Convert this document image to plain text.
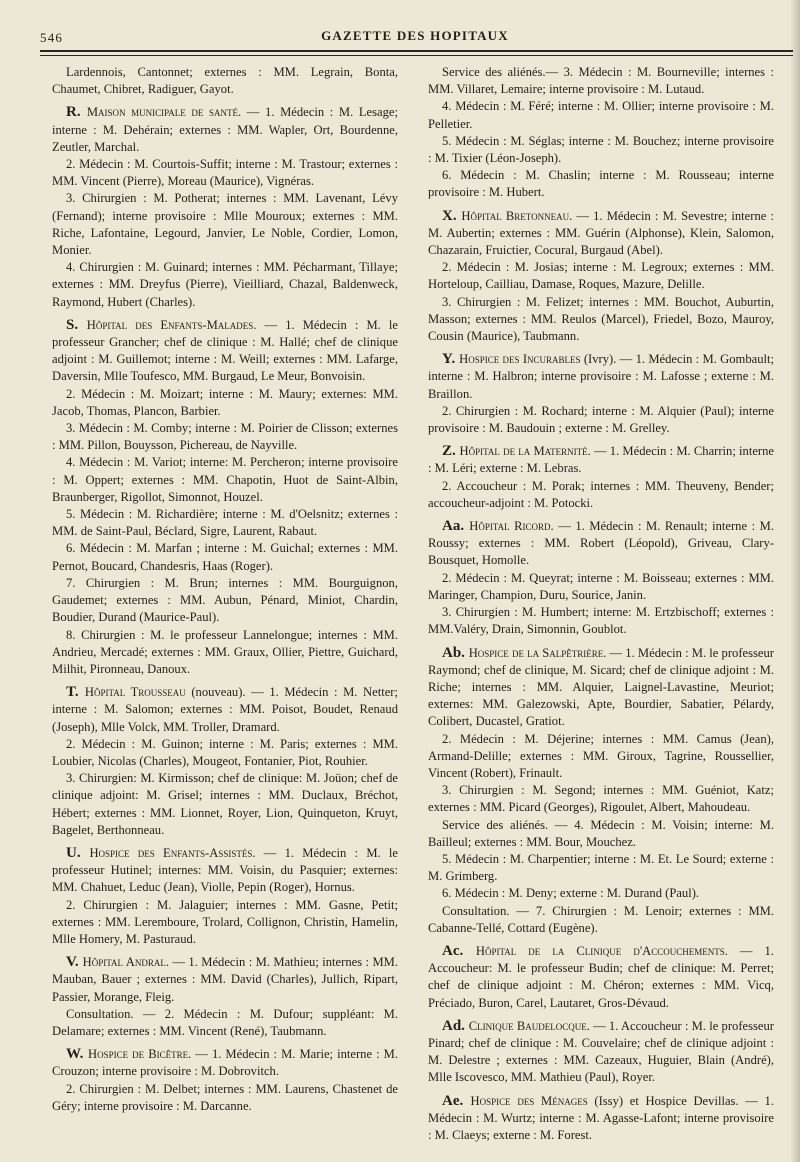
546	GAZETTE DES HOPITAUX

Lardennois, Cantonnet; externes : MM. Legrain, Bonta, Chaumet, Chibret, Radiguer, Gayot.

R. Maison municipale de santé. — 1. Médecin : M. Lesage; interne : M. Dehérain; externes : MM. Wapler, Ort, Bourdenne, Zeutler, Marchal.

2. Médecin : M. Courtois-Suffit; interne : M. Trastour; externes : MM. Vincent (Pierre), Moreau (Maurice), Vignéras.

3. Chirurgien : M. Potherat; internes : MM. Lavenant, Lévy (Fernand); interne provisoire : Mlle Mouroux; externes : MM. Riche, Lafontaine, Legourd, Janvier, Le Noble, Cordier, Lomon, Monier.

4. Chirurgien : M. Guinard; internes : MM. Pécharmant, Tillaye; externes : MM. Dreyfus (Pierre), Vieilliard, Chazal, Baldenweck, Raymond, Hubert (Charles).

S. Hôpital des Enfants-Malades. — 1. Médecin : M. le professeur Grancher; chef de clinique : M. Hallé; chef de clinique adjoint : M. Guillemot; interne : M. Weill; externes : MM. Lafarge, Daversin, Mlle Toufesco, MM. Burgaud, Le Meur, Bonvoisin.

2. Médecin : M. Moizart; interne : M. Maury; externes: MM. Jacob, Thomas, Plancon, Barbier.

3. Médecin : M. Comby; interne : M. Poirier de Clisson; externes : MM. Pillon, Bouysson, Pichereau, de Nayville.

4. Médecin : M. Variot; interne: M. Percheron; interne provisoire : M. Oppert; externes : MM. Chapotin, Huot de Saint-Albin, Braunberger, Rigollot, Simonnot, Houzel.

5. Médecin : M. Richardière; interne : M. d'Oelsnitz; externes : MM. de Saint-Paul, Béclard, Sigre, Laurent, Rabaut.

6. Médecin : M. Marfan ; interne : M. Guichal; externes : MM. Pernot, Boucard, Chandesris, Haas (Roger).

7. Chirurgien : M. Brun; internes : MM. Bourguignon, Gaudemet; externes : MM. Aubun, Pénard, Miniot, Chardin, Boudier, Durand (Maurice-Paul).

8. Chirurgien : M. le professeur Lannelongue; internes : MM. Andrieu, Mercadé; externes : MM. Graux, Ollier, Piettre, Guichard, Milhit, Pironneau, Danoux.

T. Hôpital Trousseau (nouveau). — 1. Médecin : M. Netter; interne : M. Salomon; externes : MM. Poisot, Boudet, Renaud (Joseph), Mlle Volck, MM. Troller, Dramard.

2. Médecin : M. Guinon; interne : M. Paris; externes : MM. Loubier, Nicolas (Charles), Mougeot, Fontanier, Piot, Rouhier.

3. Chirurgien: M. Kirmisson; chef de clinique: M. Joüon; chef de clinique adjoint: M. Grisel; internes : MM. Duclaux, Bréchot, Hébert; externes : MM. Lionnet, Royer, Lion, Quinqueton, Kruyt, Bagelet, Berthonneau.

U. Hospice des Enfants-Assistés. — 1. Médecin : M. le professeur Hutinel; internes: MM. Voisin, du Pasquier; externes: MM. Chahuet, Leduc (Jean), Violle, Pepin (Roger), Hornus.

2. Chirurgien : M. Jalaguier; internes : MM. Gasne, Petit; externes : MM. Leremboure, Trolard, Collignon, Christin, Hamelin, Mlle Homery, M. Pasturaud.

V. Hôpital Andral. — 1. Médecin : M. Mathieu; internes : MM. Mauban, Bauer ; externes : MM. David (Charles), Jullich, Ripart, Passier, Morange, Fleig.

Consultation. — 2. Médecin : M. Dufour; suppléant: M. Delamare; externes : MM. Vincent (René), Taubmann.

W. Hospice de Bicêtre. — 1. Médecin : M. Marie; interne : M. Crouzon; interne provisoire : M. Dobrovitch.

2. Chirurgien : M. Delbet; internes : MM. Laurens, Chastenet de Géry; interne provisoire : M. Darcanne.

Service des aliénés.— 3. Médecin : M. Bourneville; internes : MM. Villaret, Lemaire; interne provisoire : M. Lutaud.

4. Médecin : M. Féré; interne : M. Ollier; interne provisoire : M. Pelletier.

5. Médecin : M. Séglas; interne : M. Bouchez; interne provisoire : M. Tixier (Léon-Joseph).

6. Médecin : M. Chaslin; interne : M. Rousseau; interne provisoire : M. Hubert.

X. Hôpital Bretonneau. — 1. Médecin : M. Sevestre; interne : M. Aubertin; externes : MM. Guérin (Alphonse), Klein, Salomon, Chazarain, Fruictier, Cocural, Burgaud (Abel).

2. Médecin : M. Josias; interne : M. Legroux; externes : MM. Horteloup, Cailliau, Damase, Roques, Mazure, Delille.

3. Chirurgien : M. Felizet; internes : MM. Bouchot, Auburtin, Masson; externes : MM. Reulos (Marcel), Friedel, Bozo, Mauroy, Cousin (Maurice), Taubmann.

Y. Hospice des Incurables (Ivry). — 1. Médecin : M. Gombault; interne : M. Halbron; interne provisoire : M. Lafosse ; externe : M. Braillon.

2. Chirurgien : M. Rochard; interne : M. Alquier (Paul); interne provisoire : M. Baudouin ; externe : M. Grelley.

Z. Hôpital de la Maternité. — 1. Médecin : M. Charrin; interne : M. Léri; externe : M. Lebras.

2. Accoucheur : M. Porak; internes : MM. Theuveny, Bender; accoucheur-adjoint : M. Potocki.

Aa. Hôpital Ricord. — 1. Médecin : M. Renault; interne : M. Roussy; externes : MM. Robert (Léopold), Griveau, Clary-Bousquet, Homolle.

2. Médecin : M. Queyrat; interne : M. Boisseau; externes : MM. Maringer, Champion, Duru, Sourice, Janin.

3. Chirurgien : M. Humbert; interne: M. Ertzbischoff; externes : MM.Valéry, Drain, Simonnin, Goublot.

Ab. Hospice de la Salpêtrière. — 1. Médecin : M. le professeur Raymond; chef de clinique, M. Sicard; chef de clinique adjoint : M. Riche; internes : MM. Alquier, Laignel-Lavastine, Meuriot; externes: MM. Galezowski, Apte, Bourdier, Sabatier, Pélardy, Colibert, Ducastel, Gratiot.

2. Médecin : M. Déjerine; internes : MM. Camus (Jean), Armand-Delille; externes : MM. Giroux, Tagrine, Roussellier, Vincent (Robert), Frinault.

3. Chirurgien : M. Segond; internes : MM. Guéniot, Katz; externes : MM. Picard (Georges), Rigoulet, Albert, Mahoudeau.

Service des aliénés. — 4. Médecin : M. Voisin; interne: M. Bailleul; externes : MM. Bour, Mouchez.

5. Médecin : M. Charpentier; interne : M. Et. Le Sourd; externe : M. Grimberg.

6. Médecin : M. Deny; externe : M. Durand (Paul).

Consultation. — 7. Chirurgien : M. Lenoir; externes : MM. Cabanne-Tellé, Cottard (Eugène).

Ac. Hôpital de la Clinique d'Accouchements. — 1. Accoucheur: M. le professeur Budin; chef de clinique: M. Perret; chef de clinique adjoint : M. Chéron; externes : MM. Vicq, Préciado, Buron, Carel, Lautaret, Gros-Dévaud.

Ad. Clinique Baudelocque. — 1. Accoucheur : M. le professeur Pinard; chef de clinique : M. Couvelaire; chef de clinique adjoint : M. Delestre ; externes : MM. Cazeaux, Huguier, Blain (André), Mlle Iscovesco, MM. Mathieu (Paul), Royer.

Ae. Hospice des Ménages (Issy) et Hospice Devillas. — 1. Médecin : M. Wurtz; interne : M. Agasse-Lafont; interne provisoire : M. Claeys; externe : M. Forest.
